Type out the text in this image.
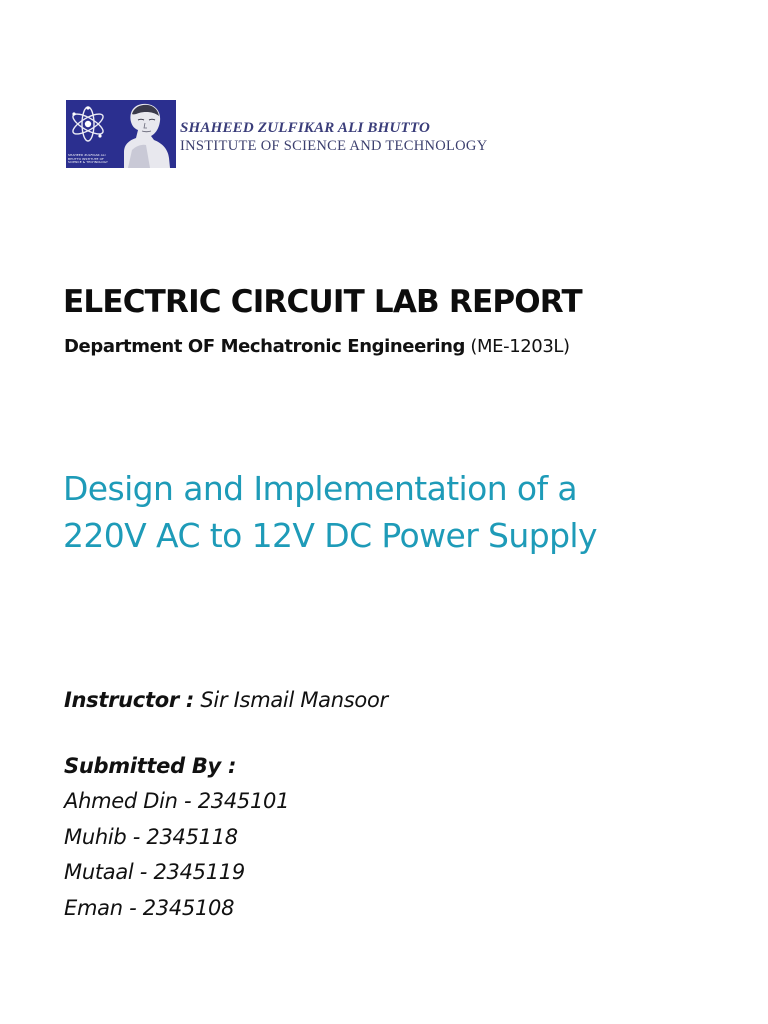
SHAHEED ZULFIKAR ALI BHUTTO INSTITUTE OF SCIENCE & TECHNOLOGY
SHAHEED ZULFIKAR ALI BHUTTO
INSTITUTE OF SCIENCE AND TECHNOLOGY
ELECTRIC CIRCUIT LAB REPORT
Department OF Mechatronic Engineering (ME-1203L)
Design and Implementation of a
220V AC to 12V DC Power Supply
Instructor : Sir Ismail Mansoor
Submitted By :
Ahmed Din - 2345101
Muhib - 2345118
Mutaal - 2345119
Eman - 2345108
